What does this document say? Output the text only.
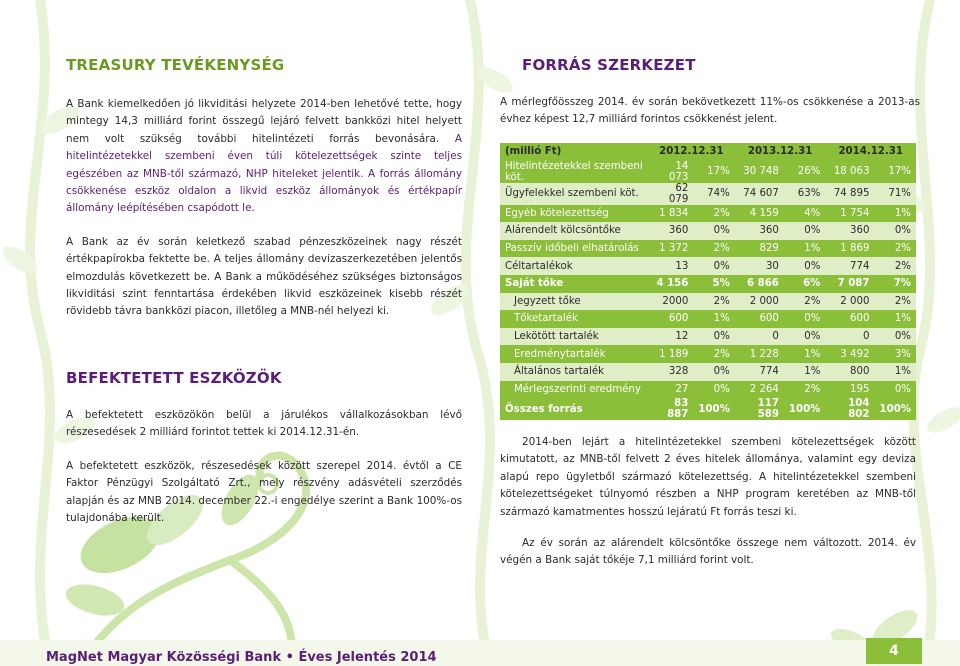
TREASURY TEVÉKENYSÉG

A Bank kiemelkedően jó likviditási helyzete 2014-ben lehetővé tette, hogy mintegy 14,3 milliárd forint összegű lejáró felvett bankközi hitel helyett nem volt szükség további hitelintézeti forrás bevonására. A hitelintézetekkel szembeni éven túli kötelezettségek szinte teljes egészében az MNB-től származó, NHP hiteleket jelentik. A forrás állomány csökkenése eszköz oldalon a likvid eszköz állományok és értékpapír állomány leépítésében csapódott le.

A Bank az év során keletkező szabad pénzeszközeinek nagy részét értékpapírokba fektette be. A teljes állomány devizaszerkezetében jelentős elmozdulás következett be. A Bank a működéséhez szükséges biztonságos likviditási szint fenntartása érdekében likvid eszközeinek kisebb részét rövidebb távra bankközi piacon, illetőleg a MNB-nél helyezi ki.

BEFEKTETETT ESZKÖZÖK

A befektetett eszközökön belül a járulékos vállalkozásokban lévő részesedések 2 milliárd forintot tettek ki 2014.12.31-én.

A befektetett eszközök, részesedések között szerepel 2014. évtől a CE Faktor Pénzügyi Szolgáltató Zrt., mely részvény adásvételi szerződés alapján és az MNB 2014. december 22.-i engedélye szerint a Bank 100%-os tulajdonába került.

FORRÁS SZERKEZET

A mérlegfőösszeg 2014. év során bekövetkezett 11%-os csökkenése a 2013-as évhez képest 12,7 milliárd forintos csökkenést jelent.

(millió Ft)	2012.12.31		2013.12.31		2014.12.31	
Hitelintézetekkel szembeni köt.	14 073	17%	30 748	26%	18 063	17%
Ügyfelekkel szembeni köt.	62 079	74%	74 607	63%	74 895	71%
Egyéb kötelezettség	1 834	2%	4 159	4%	1 754	1%
Alárendelt kölcsöntőke	360	0%	360	0%	360	0%
Passzív időbeli elhatárolás	1 372	2%	829	1%	1 869	2%
Céltartalékok	13	0%	30	0%	774	2%
Saját tőke	4 156	5%	6 866	6%	7 087	7%
Jegyzett tőke	2000	2%	2 000	2%	2 000	2%
Tőketartalék	600	1%	600	0%	600	1%
Lekötött tartalék	12	0%	0	0%	0	0%
Eredménytartalék	1 189	2%	1 228	1%	3 492	3%
Általános tartalék	328	0%	774	1%	800	1%
Mérlegszerinti eredmény	27	0%	2 264	2%	195	0%
Összes forrás	83 887	100%	117 589	100%	104 802	100%

2014-ben lejárt a hitelintézetekkel szembeni kötelezettségek között kimutatott, az MNB-től felvett 2 éves hitelek állománya, valamint egy deviza alapú repo ügyletből származó kötelezettség. A hitelintézetekkel szembeni kötelezettségeket túlnyomó részben a NHP program keretében az MNB-től származó kamatmentes hosszú lejáratú Ft forrás teszi ki.

Az év során az alárendelt kölcsöntőke összege nem változott. 2014. év végén a Bank saját tőkéje 7,1 milliárd forint volt.

MagNet Magyar Közösségi Bank • Éves Jelentés 2014	4
